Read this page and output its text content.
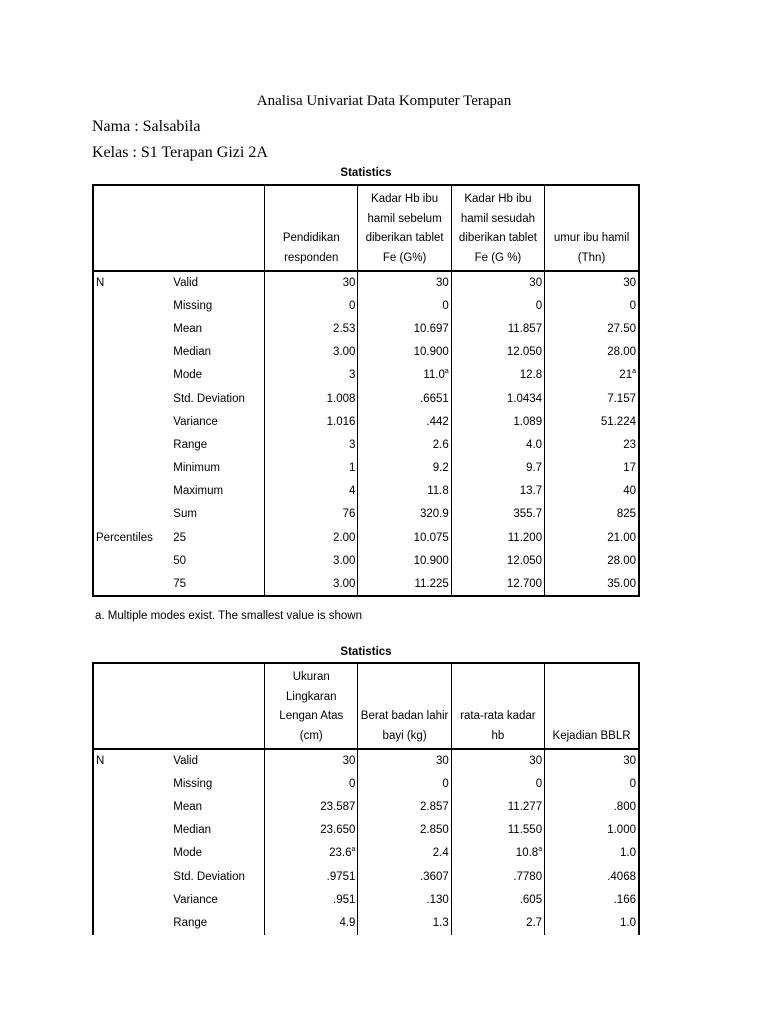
Analisa Univariat Data Komputer Terapan
Nama : Salsabila
Kelas : S1 Terapan Gizi 2A
Statistics
		Pendidikan responden	Kadar Hb ibu hamil sebelum diberikan tablet Fe (G%)	Kadar Hb ibu hamil sesudah diberikan tablet Fe (G %)	umur ibu hamil (Thn)
N	Valid	30	30	30	30
	Missing	0	0	0	0
	Mean	2.53	10.697	11.857	27.50
	Median	3.00	10.900	12.050	28.00
	Mode	3	11.0$^a$	12.8	21$^a$
	Std. Deviation	1.008	.6651	1.0434	7.157
	Variance	1.016	.442	1.089	51.224
	Range	3	2.6	4.0	23
	Minimum	1	9.2	9.7	17
	Maximum	4	11.8	13.7	40
	Sum	76	320.9	355.7	825
Percentiles	25	2.00	10.075	11.200	21.00
	50	3.00	10.900	12.050	28.00
	75	3.00	11.225	12.700	35.00
a. Multiple modes exist. The smallest value is shown
Statistics
		Ukuran Lingkaran Lengan Atas (cm)	Berat badan lahir bayi (kg)	rata-rata kadar hb	Kejadian BBLR
N	Valid	30	30	30	30
	Missing	0	0	0	0
	Mean	23.587	2.857	11.277	.800
	Median	23.650	2.850	11.550	1.000
	Mode	23.6$^a$	2.4	10.8$^a$	1.0
	Std. Deviation	.9751	.3607	.7780	.4068
	Variance	.951	.130	.605	.166
	Range	4.9	1.3	2.7	1.0
